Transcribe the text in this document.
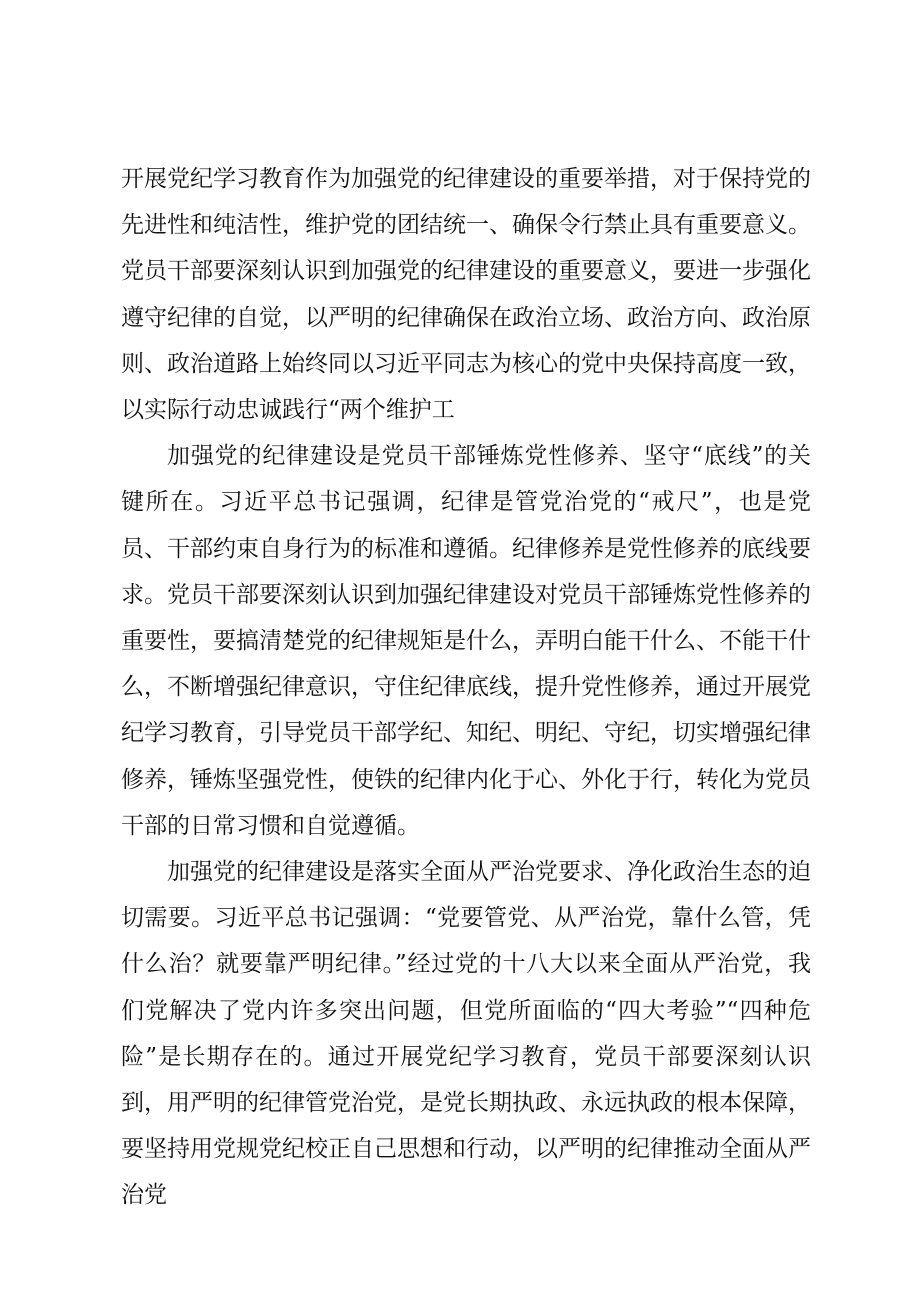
开展党纪学习教育作为加强党的纪律建设的重要举措，对于保持党的先进性和纯洁性，维护党的团结统一、确保令行禁止具有重要意义。党员干部要深刻认识到加强党的纪律建设的重要意义，要进一步强化遵守纪律的自觉，以严明的纪律确保在政治立场、政治方向、政治原则、政治道路上始终同以习近平同志为核心的党中央保持高度一致，以实际行动忠诚践行“两个维护工

加强党的纪律建设是党员干部锤炼党性修养、坚守“底线”的关键所在。习近平总书记强调，纪律是管党治党的“戒尺”，也是党员、干部约束自身行为的标准和遵循。纪律修养是党性修养的底线要求。党员干部要深刻认识到加强纪律建设对党员干部锤炼党性修养的重要性，要搞清楚党的纪律规矩是什么，弄明白能干什么、不能干什么，不断增强纪律意识，守住纪律底线，提升党性修养，通过开展党纪学习教育，引导党员干部学纪、知纪、明纪、守纪，切实增强纪律修养，锤炼坚强党性，使铁的纪律内化于心、外化于行，转化为党员干部的日常习惯和自觉遵循。

加强党的纪律建设是落实全面从严治党要求、净化政治生态的迫切需要。习近平总书记强调：“党要管党、从严治党，靠什么管，凭什么治？就要靠严明纪律。”经过党的十八大以来全面从严治党，我们党解决了党内许多突出问题，但党所面临的“四大考验”“四种危险”是长期存在的。通过开展党纪学习教育，党员干部要深刻认识到，用严明的纪律管党治党，是党长期执政、永远执政的根本保障，要坚持用党规党纪校正自己思想和行动，以严明的纪律推动全面从严治党
